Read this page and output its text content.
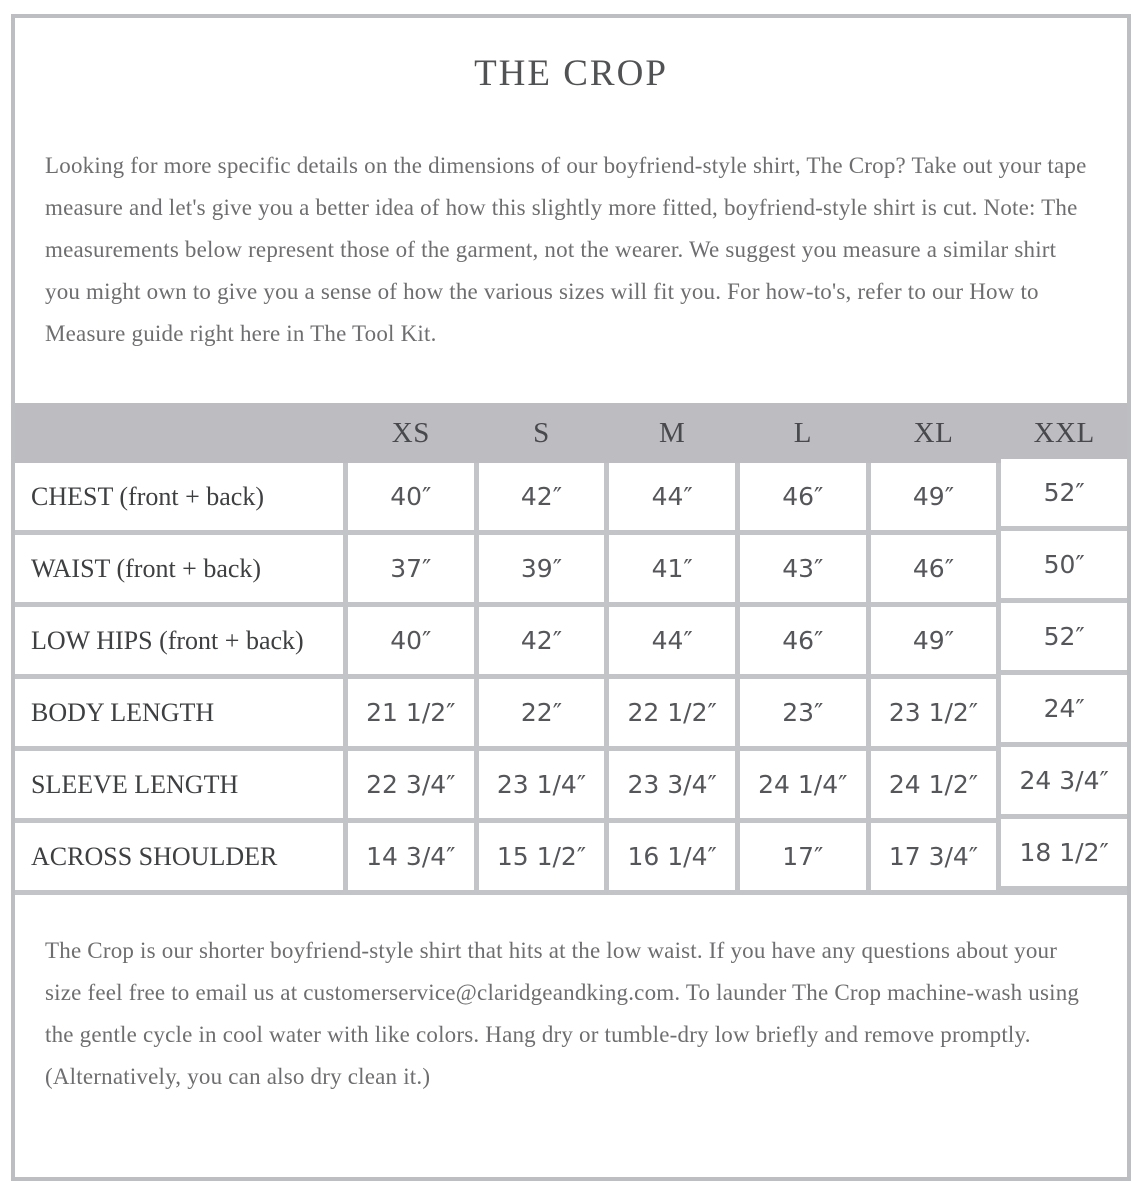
THE CROP

Looking for more specific details on the dimensions of our boyfriend-style shirt, The Crop? Take out your tape measure and let's give you a better idea of how this slightly more fitted, boyfriend-style shirt is cut. Note: The measurements below represent those of the garment, not the wearer. We suggest you measure a similar shirt you might own to give you a sense of how the various sizes will fit you. For how-to's, refer to our How to Measure guide right here in The Tool Kit.

XS	S	M	L	XL	XXL
CHEST (front + back)	40″	42″	44″	46″	49″	52″
WAIST (front + back)	37″	39″	41″	43″	46″	50″
LOW HIPS (front + back)	40″	42″	44″	46″	49″	52″
BODY LENGTH	21 1/2″	22″	22 1/2″	23″	23 1/2″	24″
SLEEVE LENGTH	22 3/4″	23 1/4″	23 3/4″	24 1/4″	24 1/2″	24 3/4″
ACROSS SHOULDER	14 3/4″	15 1/2″	16 1/4″	17″	17 3/4″	18 1/2″

The Crop is our shorter boyfriend-style shirt that hits at the low waist. If you have any questions about your size feel free to email us at customerservice@claridgeandking.com. To launder The Crop machine-wash using the gentle cycle in cool water with like colors. Hang dry or tumble-dry low briefly and remove promptly. (Alternatively, you can also dry clean it.)
